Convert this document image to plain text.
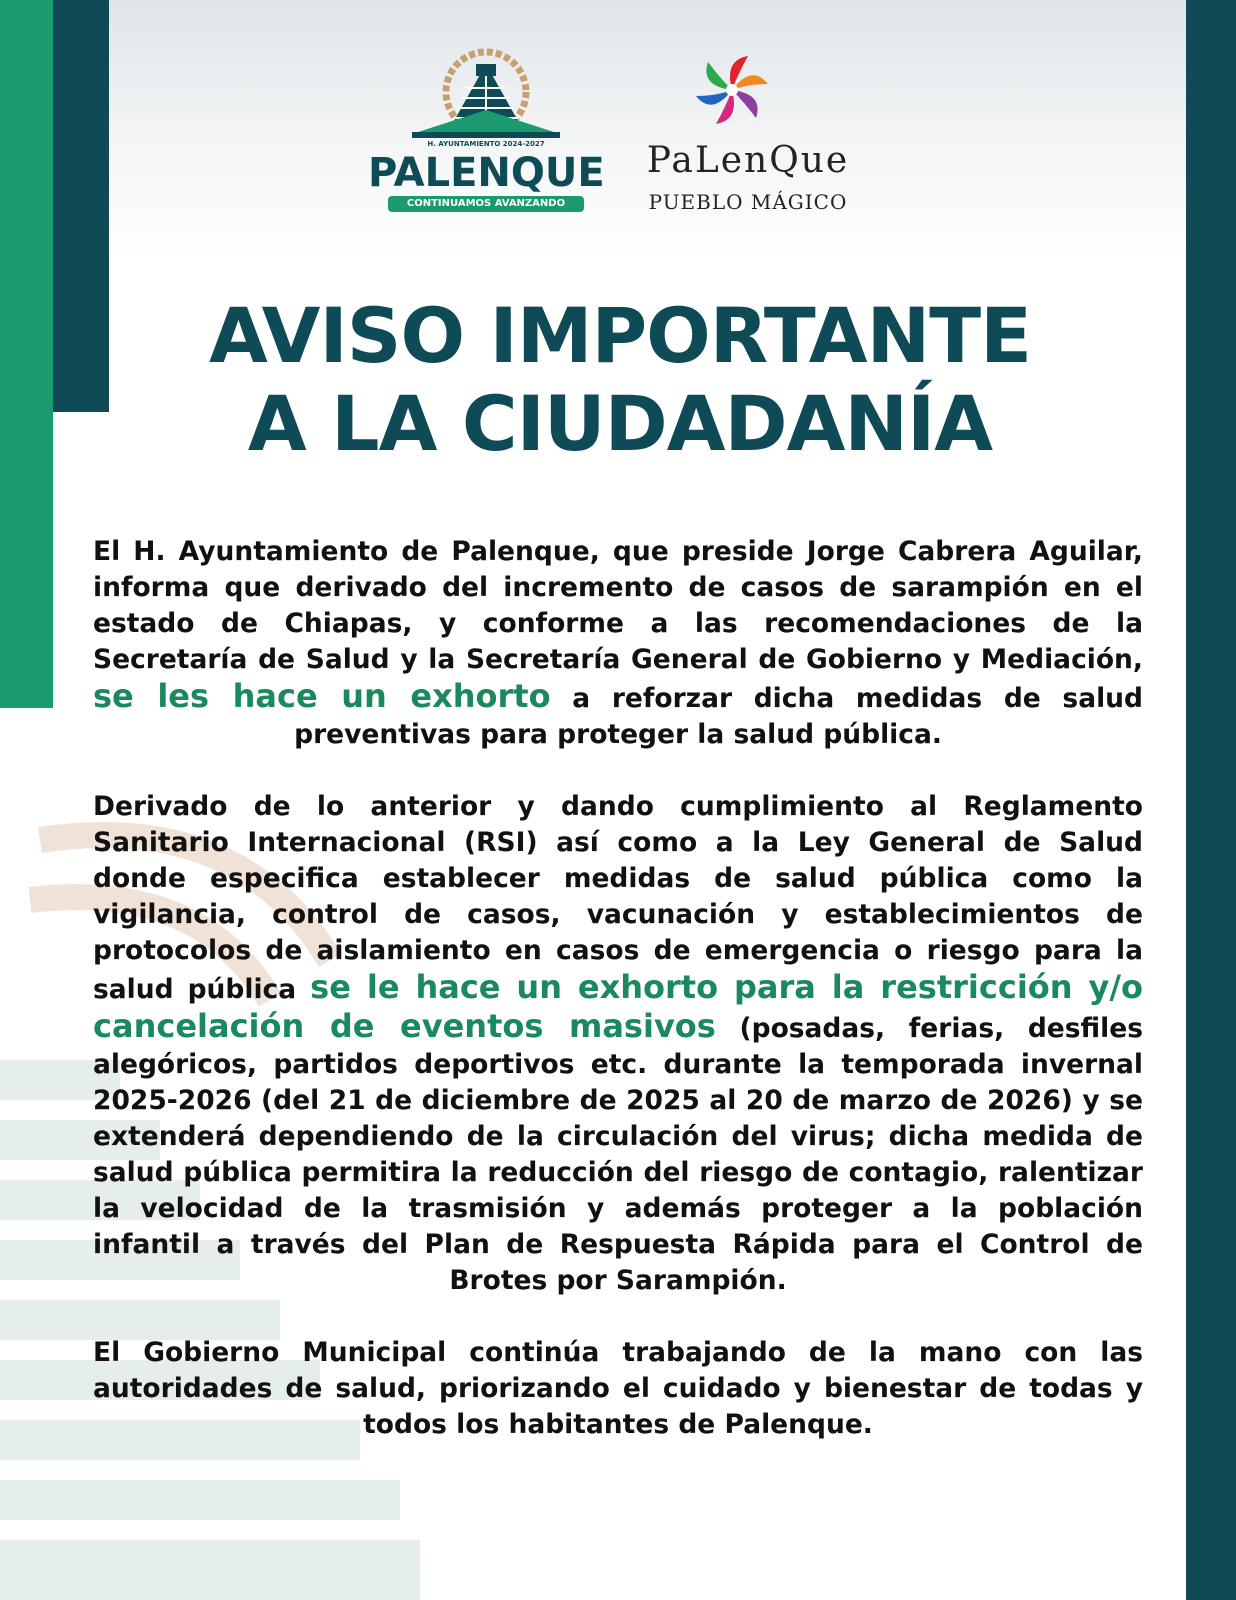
H. AYUNTAMIENTO 2024-2027
PALENQUE
CONTINUAMOS AVANZANDO
PaLenQue
PUEBLO MÁGICO
AVISO IMPORTANTE
A LA CIUDADANÍA

El H. Ayuntamiento de Palenque, que preside Jorge Cabrera Aguilar, informa que derivado del incremento de casos de sarampión en el estado de Chiapas, y conforme a las recomendaciones de la Secretaría de Salud y la Secretaría General de Gobierno y Mediación, se les hace un exhorto a reforzar dicha medidas de salud preventivas para proteger la salud pública.

Derivado de lo anterior y dando cumplimiento al Reglamento Sanitario Internacional (RSI) así como a la Ley General de Salud donde especifica establecer medidas de salud pública como la vigilancia, control de casos, vacunación y establecimientos de protocolos de aislamiento en casos de emergencia o riesgo para la salud pública se le hace un exhorto para la restricción y/o cancelación de eventos masivos (posadas, ferias, desfiles alegóricos, partidos deportivos etc. durante la temporada invernal 2025-2026 (del 21 de diciembre de 2025 al 20 de marzo de 2026) y se extenderá dependiendo de la circulación del virus; dicha medida de salud pública permitira la reducción del riesgo de contagio, ralentizar la velocidad de la trasmisión y además proteger a la población infantil a través del Plan de Respuesta Rápida para el Control de Brotes por Sarampión.

El Gobierno Municipal continúa trabajando de la mano con las autoridades de salud, priorizando el cuidado y bienestar de todas y todos los habitantes de Palenque.
